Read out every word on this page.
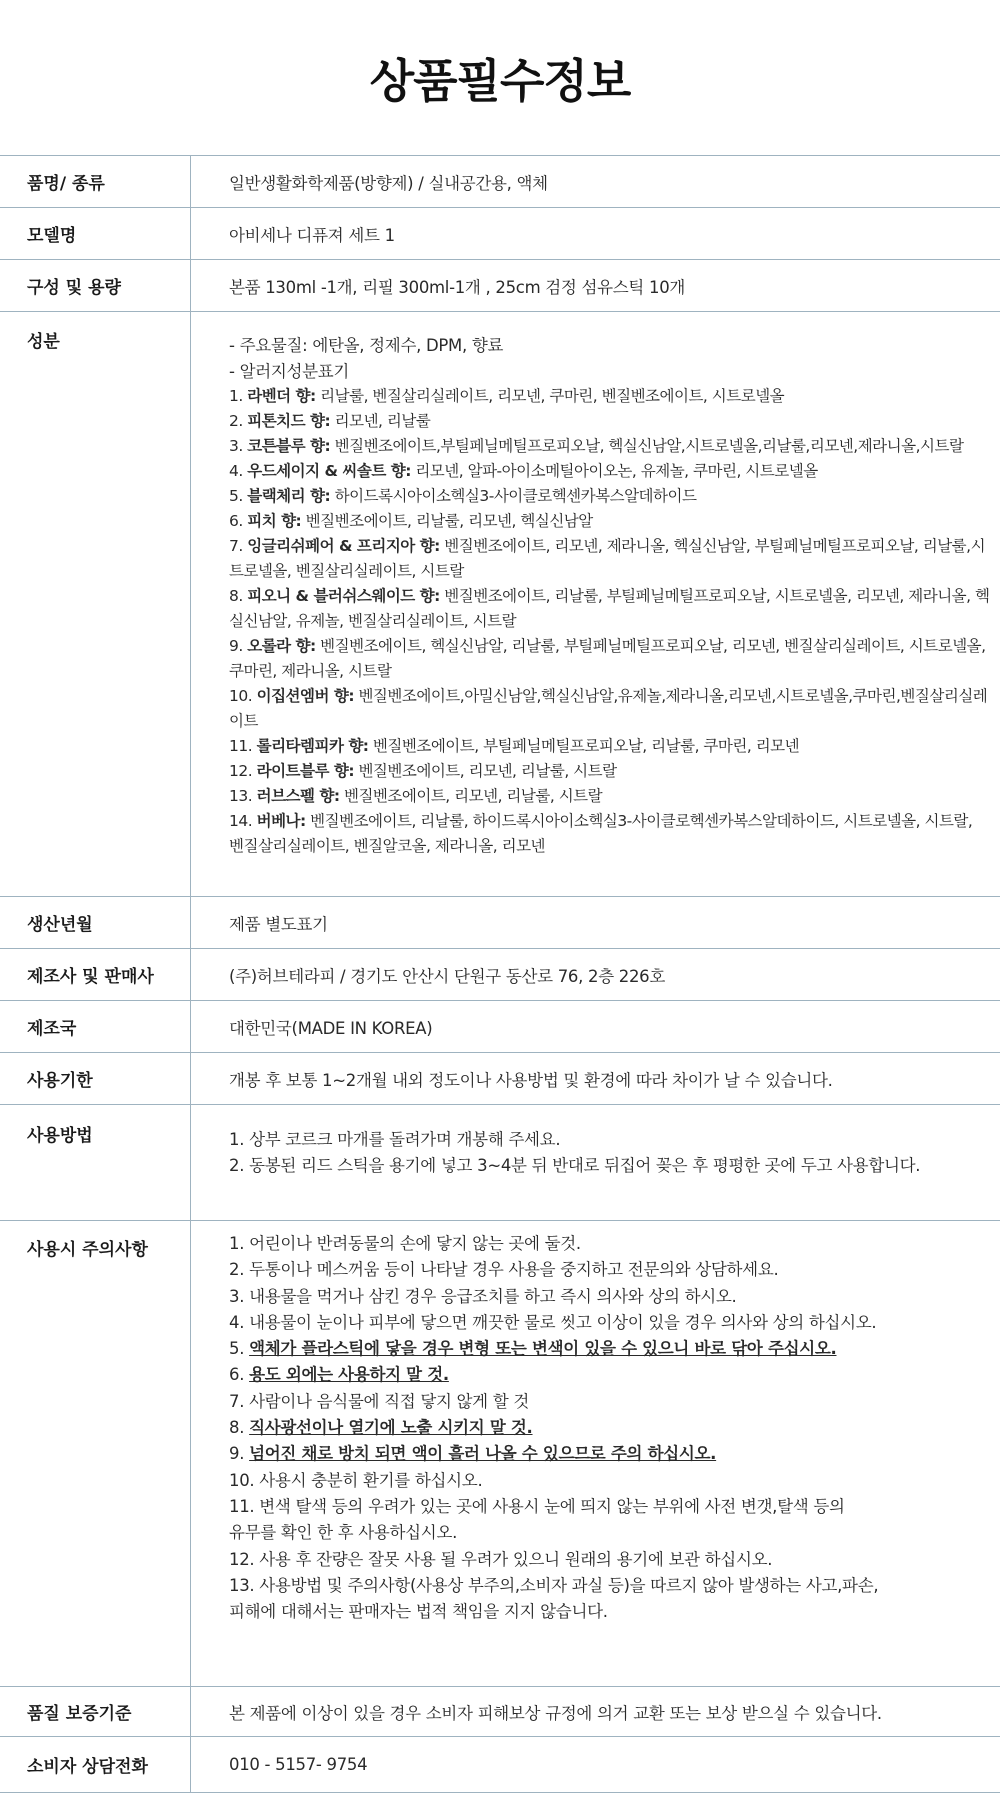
상품필수정보
품명/ 종류	일반생활화학제품(방향제) / 실내공간용, 액체
모델명	아비세나 디퓨져 세트 1
구성 및 용량	본품 130ml -1개, 리필 300ml-1개 , 25cm 검정 섬유스틱 10개
성분	- 주요물질: 에탄올, 정제수, DPM, 향료
- 알러지성분표기
1. 라벤더 향: 리날룰, 벤질살리실레이트, 리모넨, 쿠마린, 벤질벤조에이트, 시트로넬올
2. 피톤치드 향: 리모넨, 리날룰
3. 코튼블루 향: 벤질벤조에이트,부틸페닐메틸프로피오날, 헥실신남알,시트로넬올,리날룰,리모넨,제라니올,시트랄
4. 우드세이지 & 씨솔트 향: 리모넨, 알파-아이소메틸아이오논, 유제놀, 쿠마린, 시트로넬올
5. 블랙체리 향: 하이드록시아이소헥실3-사이클로헥센카복스알데하이드
6. 피치 향: 벤질벤조에이트, 리날룰, 리모넨, 헥실신남알
7. 잉글리쉬페어 & 프리지아 향: 벤질벤조에이트, 리모넨, 제라니올, 헥실신남알, 부틸페닐메틸프로피오날, 리날룰,시트로넬올, 벤질살리실레이트, 시트랄
8. 피오니 & 블러쉬스웨이드 향: 벤질벤조에이트, 리날룰, 부틸페닐메틸프로피오날, 시트로넬올, 리모넨, 제라니올, 헥실신남알, 유제놀, 벤질살리실레이트, 시트랄
9. 오롤라 향: 벤질벤조에이트, 헥실신남알, 리날룰, 부틸페닐메틸프로피오날, 리모넨, 벤질살리실레이트, 시트로넬올, 쿠마린, 제라니올, 시트랄
10. 이집션엠버 향: 벤질벤조에이트,아밀신남알,헥실신남알,유제놀,제라니올,리모넨,시트로넬올,쿠마린,벤질살리실레이트
11. 롤리타렘피카 향: 벤질벤조에이트, 부틸페닐메틸프로피오날, 리날룰, 쿠마린, 리모넨
12. 라이트블루 향: 벤질벤조에이트, 리모넨, 리날룰, 시트랄
13. 러브스펠 향: 벤질벤조에이트, 리모넨, 리날룰, 시트랄
14. 버베나: 벤질벤조에이트, 리날룰, 하이드록시아이소헥실3-사이클로헥센카복스알데하이드, 시트로넬올, 시트랄, 벤질살리실레이트, 벤질알코올, 제라니올, 리모넨
생산년월	제품 별도표기
제조사 및 판매사	(주)허브테라피 / 경기도 안산시 단원구 동산로 76, 2층 226호
제조국	대한민국(MADE IN KOREA)
사용기한	개봉 후 보통 1~2개월 내외 정도이나 사용방법 및 환경에 따라 차이가 날 수 있습니다.
사용방법	1. 상부 코르크 마개를 돌려가며 개봉해 주세요.
2. 동봉된 리드 스틱을 용기에 넣고 3~4분 뒤 반대로 뒤집어 꽂은 후 평평한 곳에 두고 사용합니다.
사용시 주의사항	1. 어린이나 반려동물의 손에 닿지 않는 곳에 둘것.
2. 두통이나 메스꺼움 등이 나타날 경우 사용을 중지하고 전문의와 상담하세요.
3. 내용물을 먹거나 삼킨 경우 응급조치를 하고 즉시 의사와 상의 하시오.
4. 내용물이 눈이나 피부에 닿으면 깨끗한 물로 씻고 이상이 있을 경우 의사와 상의 하십시오.
5. 액체가 플라스틱에 닿을 경우 변형 또는 변색이 있을 수 있으니 바로 닦아 주십시오.
6. 용도 외에는 사용하지 말 것.
7. 사람이나 음식물에 직접 닿지 않게 할 것
8. 직사광선이나 열기에 노출 시키지 말 것.
9. 넘어진 채로 방치 되면 액이 흘러 나올 수 있으므로 주의 하십시오.
10. 사용시 충분히 환기를 하십시오.
11. 변색 탈색 등의 우려가 있는 곳에 사용시 눈에 띄지 않는 부위에 사전 변갯,탈색 등의
유무를 확인 한 후 사용하십시오.
12. 사용 후 잔량은 잘못 사용 될 우려가 있으니 원래의 용기에 보관 하십시오.
13. 사용방법 및 주의사항(사용상 부주의,소비자 과실 등)을 따르지 않아 발생하는 사고,파손,
피해에 대해서는 판매자는 법적 책임을 지지 않습니다.
품질 보증기준	본 제품에 이상이 있을 경우 소비자 피해보상 규정에 의거 교환 또는 보상 받으실 수 있습니다.
소비자 상담전화	010 - 5157- 9754
